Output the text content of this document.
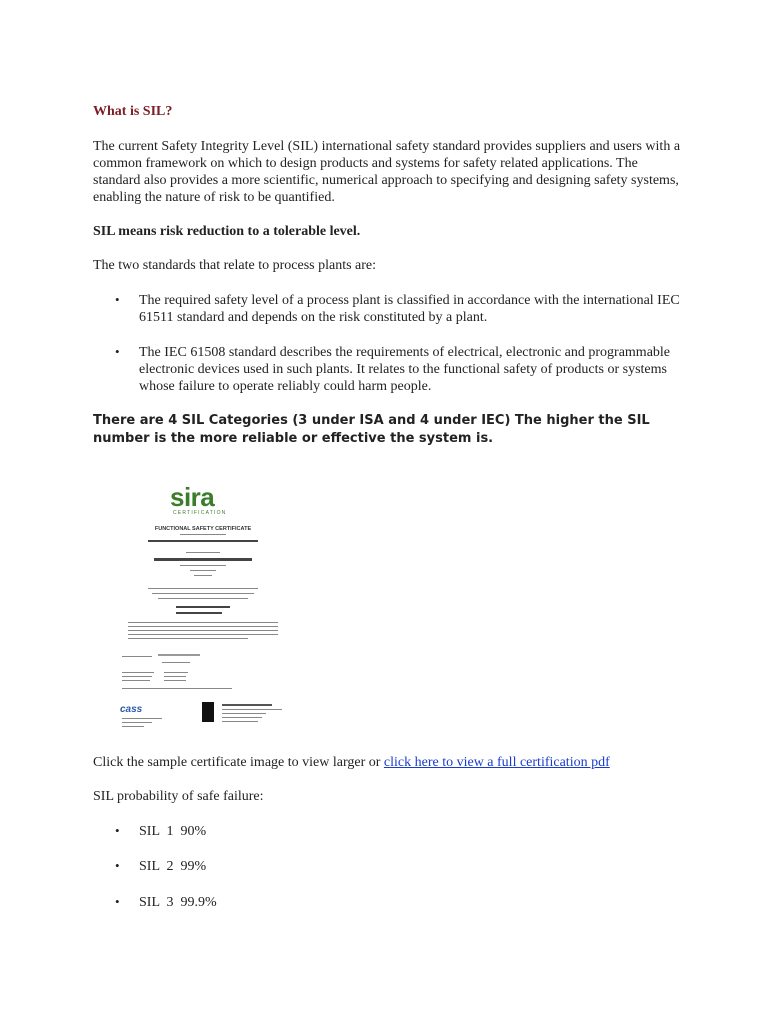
What is SIL?

The current Safety Integrity Level (SIL) international safety standard provides suppliers and users with a common framework on which to design products and systems for safety related applications. The standard also provides a more scientific, numerical approach to specifying and designing safety systems, enabling the nature of risk to be quantified.

SIL means risk reduction to a tolerable level.

The two standards that relate to process plants are:

• The required safety level of a process plant is classified in accordance with the international IEC 61511 standard and depends on the risk constituted by a plant.
• The IEC 61508 standard describes the requirements of electrical, electronic and programmable electronic devices used in such plants. It relates to the functional safety of products or systems whose failure to operate reliably could harm people.

There are 4 SIL Categories (3 under ISA and 4 under IEC) The higher the SIL number is the more reliable or effective the system is.

sira
CERTIFICATION
FUNCTIONAL SAFETY CERTIFICATE
cass

Click the sample certificate image to view larger or click here to view a full certification pdf

SIL probability of safe failure:

• SIL  1  90%
• SIL  2  99%
• SIL  3  99.9%
